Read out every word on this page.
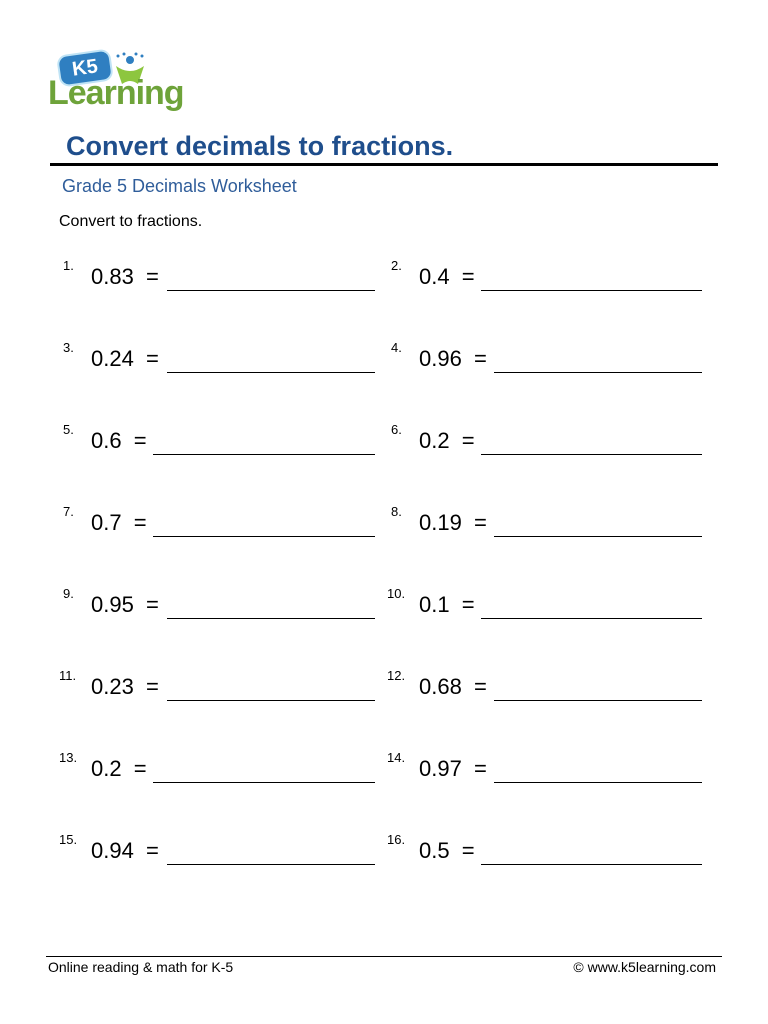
K5
Learning
Convert decimals to fractions.
Grade 5 Decimals Worksheet
Convert to fractions.
1. 0.83  =	2. 0.4  =
3. 0.24  =	4. 0.96  =
5. 0.6  =	6. 0.2  =
7. 0.7  =	8. 0.19  =
9. 0.95  =	10. 0.1  =
11. 0.23  =	12. 0.68  =
13. 0.2  =	14. 0.97  =
15. 0.94  =	16. 0.5  =
Online reading & math for K-5	© www.k5learning.com
